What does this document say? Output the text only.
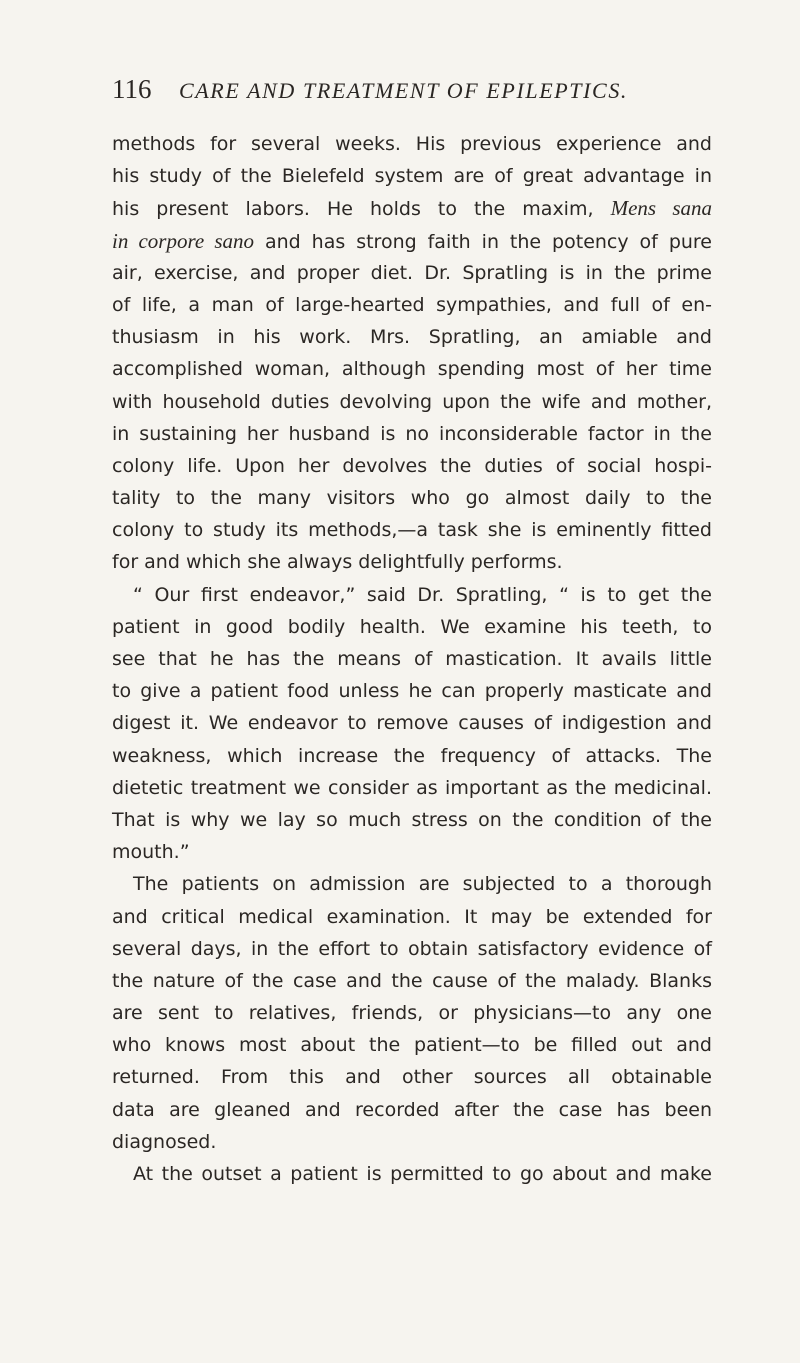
116 CARE AND TREATMENT OF EPILEPTICS.
methods for several weeks. His previous experience and
his study of the Bielefeld system are of great advantage in
his present labors. He holds to the maxim, Mens sana
in corpore sano and has strong faith in the potency of pure
air, exercise, and proper diet. Dr. Spratling is in the prime
of life, a man of large-hearted sympathies, and full of en-
thusiasm in his work. Mrs. Spratling, an amiable and
accomplished woman, although spending most of her time
with household duties devolving upon the wife and mother,
in sustaining her husband is no inconsiderable factor in the
colony life. Upon her devolves the duties of social hospi-
tality to the many visitors who go almost daily to the
colony to study its methods,—a task she is eminently fitted
for and which she always delightfully performs.
“ Our first endeavor,” said Dr. Spratling, “ is to get the
patient in good bodily health. We examine his teeth, to
see that he has the means of mastication. It avails little
to give a patient food unless he can properly masticate and
digest it. We endeavor to remove causes of indigestion and
weakness, which increase the frequency of attacks. The
dietetic treatment we consider as important as the medicinal.
That is why we lay so much stress on the condition of the
mouth.”
The patients on admission are subjected to a thorough
and critical medical examination. It may be extended for
several days, in the effort to obtain satisfactory evidence of
the nature of the case and the cause of the malady. Blanks
are sent to relatives, friends, or physicians—to any one
who knows most about the patient—to be filled out and
returned. From this and other sources all obtainable
data are gleaned and recorded after the case has been
diagnosed.
At the outset a patient is permitted to go about and make
